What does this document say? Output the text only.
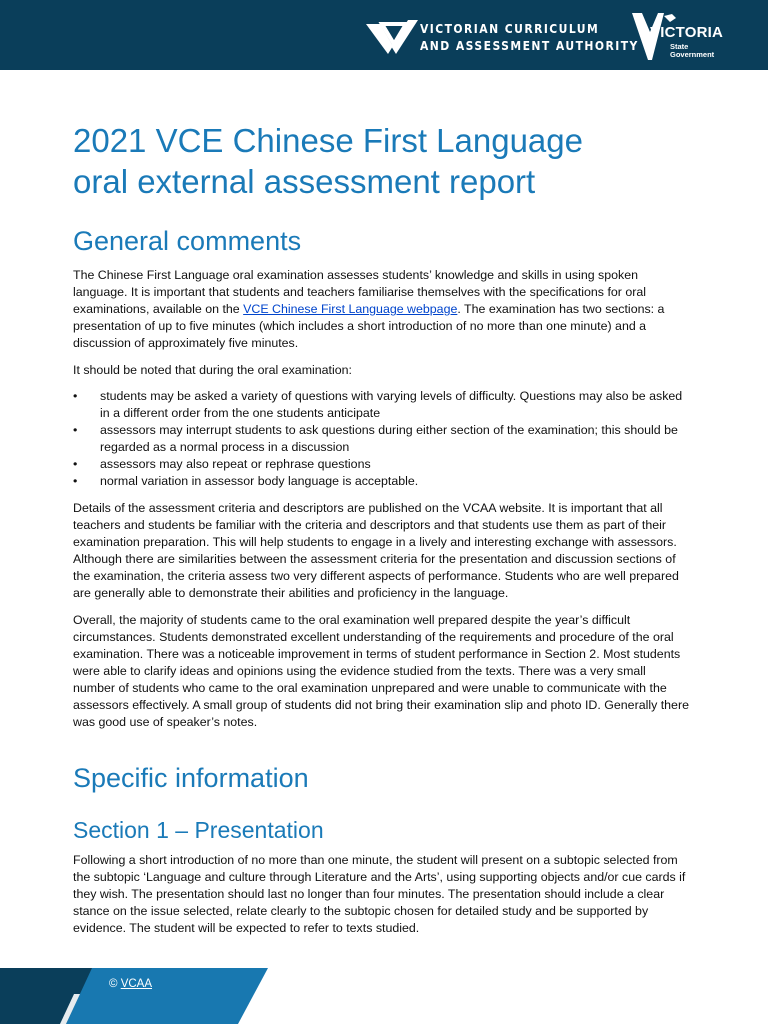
VICTORIAN CURRICULUM
AND ASSESSMENT AUTHORITY
VICTORIA
State
Government
2021 VCE Chinese First Language
oral external assessment report
General comments

The Chinese First Language oral examination assesses students’ knowledge and skills in using spoken language. It is important that students and teachers familiarise themselves with the specifications for oral examinations, available on the VCE Chinese First Language webpage. The examination has two sections: a presentation of up to five minutes (which includes a short introduction of no more than one minute) and a discussion of approximately five minutes.

It should be noted that during the oral examination:

• students may be asked a variety of questions with varying levels of difficulty. Questions may also be asked in a different order from the one students anticipate
• assessors may interrupt students to ask questions during either section of the examination; this should be regarded as a normal process in a discussion
• assessors may also repeat or rephrase questions
• normal variation in assessor body language is acceptable.

Details of the assessment criteria and descriptors are published on the VCAA website. It is important that all teachers and students be familiar with the criteria and descriptors and that students use them as part of their examination preparation. This will help students to engage in a lively and interesting exchange with assessors. Although there are similarities between the assessment criteria for the presentation and discussion sections of the examination, the criteria assess two very different aspects of performance. Students who are well prepared are generally able to demonstrate their abilities and proficiency in the language.

Overall, the majority of students came to the oral examination well prepared despite the year’s difficult circumstances. Students demonstrated excellent understanding of the requirements and procedure of the oral examination. There was a noticeable improvement in terms of student performance in Section 2. Most students were able to clarify ideas and opinions using the evidence studied from the texts. There was a very small number of students who came to the oral examination unprepared and were unable to communicate with the assessors effectively. A small group of students did not bring their examination slip and photo ID. Generally there was good use of speaker’s notes.

Specific information
Section 1 – Presentation

Following a short introduction of no more than one minute, the student will present on a subtopic selected from the subtopic ‘Language and culture through Literature and the Arts’, using supporting objects and/or cue cards if they wish. The presentation should last no longer than four minutes. The presentation should include a clear stance on the issue selected, relate clearly to the subtopic chosen for detailed study and be supported by evidence. The student will be expected to refer to texts studied.

© VCAA
